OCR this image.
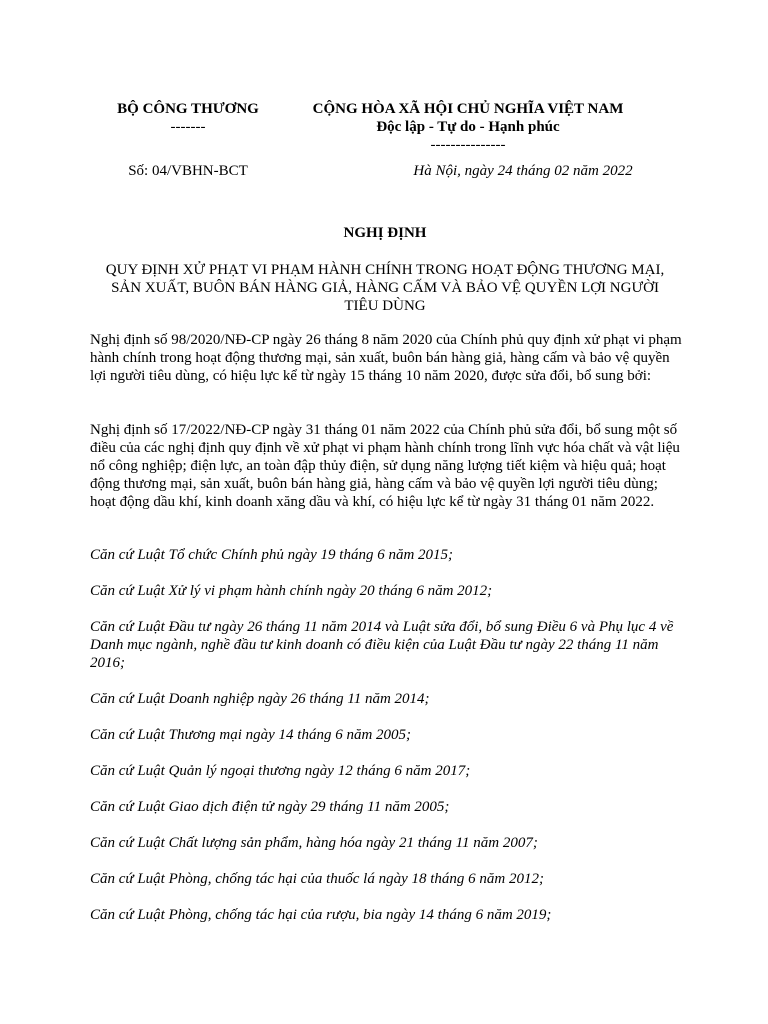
BỘ CÔNG THƯƠNG
-------
CỘNG HÒA XÃ HỘI CHỦ NGHĨA VIỆT NAM
Độc lập - Tự do - Hạnh phúc
---------------
Số: 04/VBHN-BCT	Hà Nội, ngày 24 tháng 02 năm 2022
NGHỊ ĐỊNH
QUY ĐỊNH XỬ PHẠT VI PHẠM HÀNH CHÍNH TRONG HOẠT ĐỘNG THƯƠNG MẠI,
SẢN XUẤT, BUÔN BÁN HÀNG GIẢ, HÀNG CẤM VÀ BẢO VỆ QUYỀN LỢI NGƯỜI
TIÊU DÙNG

Nghị định số 98/2020/NĐ-CP ngày 26 tháng 8 năm 2020 của Chính phủ quy định xử phạt vi phạm hành chính trong hoạt động thương mại, sản xuất, buôn bán hàng giả, hàng cấm và bảo vệ quyền lợi người tiêu dùng, có hiệu lực kể từ ngày 15 tháng 10 năm 2020, được sửa đổi, bổ sung bởi:

Nghị định số 17/2022/NĐ-CP ngày 31 tháng 01 năm 2022 của Chính phủ sửa đổi, bổ sung một số điều của các nghị định quy định về xử phạt vi phạm hành chính trong lĩnh vực hóa chất và vật liệu nổ công nghiệp; điện lực, an toàn đập thủy điện, sử dụng năng lượng tiết kiệm và hiệu quả; hoạt động thương mại, sản xuất, buôn bán hàng giả, hàng cấm và bảo vệ quyền lợi người tiêu dùng; hoạt động dầu khí, kinh doanh xăng dầu và khí, có hiệu lực kể từ ngày 31 tháng 01 năm 2022.

Căn cứ Luật Tổ chức Chính phủ ngày 19 tháng 6 năm 2015;

Căn cứ Luật Xử lý vi phạm hành chính ngày 20 tháng 6 năm 2012;

Căn cứ Luật Đầu tư ngày 26 tháng 11 năm 2014 và Luật sửa đổi, bổ sung Điều 6 và Phụ lục 4 về Danh mục ngành, nghề đầu tư kinh doanh có điều kiện của Luật Đầu tư ngày 22 tháng 11 năm 2016;

Căn cứ Luật Doanh nghiệp ngày 26 tháng 11 năm 2014;

Căn cứ Luật Thương mại ngày 14 tháng 6 năm 2005;

Căn cứ Luật Quản lý ngoại thương ngày 12 tháng 6 năm 2017;

Căn cứ Luật Giao dịch điện tử ngày 29 tháng 11 năm 2005;

Căn cứ Luật Chất lượng sản phẩm, hàng hóa ngày 21 tháng 11 năm 2007;

Căn cứ Luật Phòng, chống tác hại của thuốc lá ngày 18 tháng 6 năm 2012;

Căn cứ Luật Phòng, chống tác hại của rượu, bia ngày 14 tháng 6 năm 2019;
